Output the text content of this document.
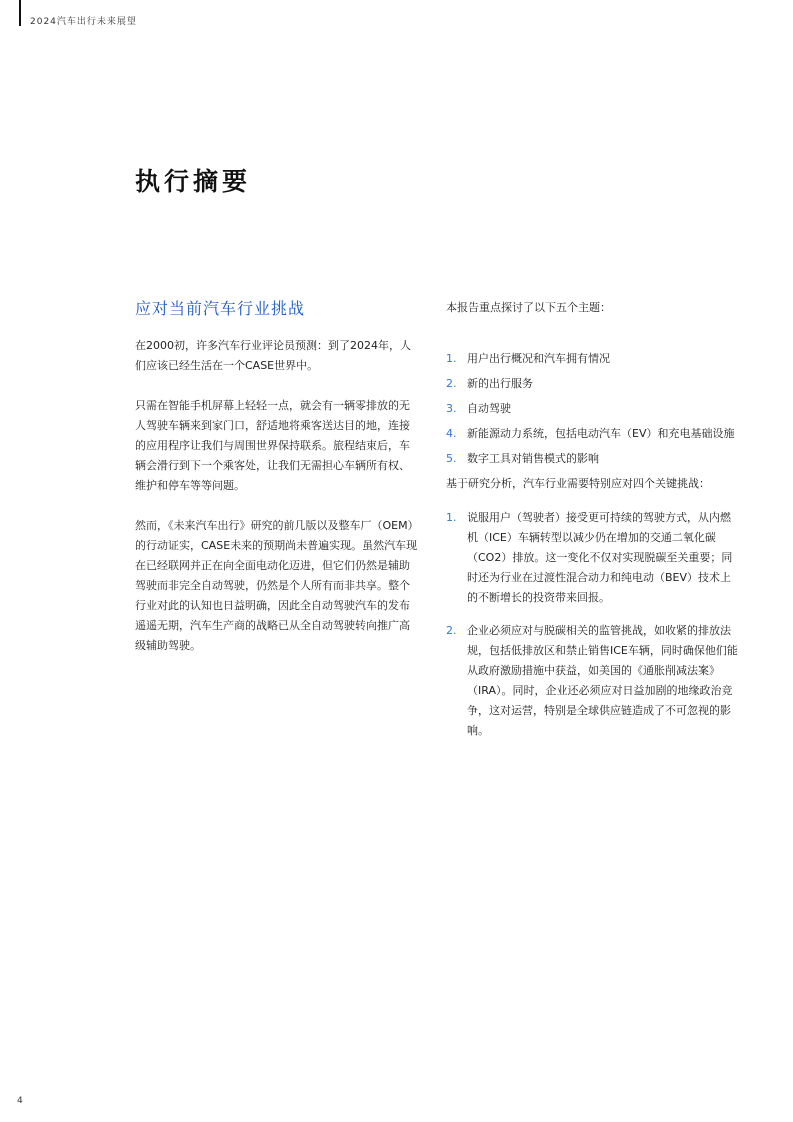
2024汽车出行未来展望
执行摘要
应对当前汽车行业挑战

在2000初，许多汽车行业评论员预测：到了2024年，人们应该已经生活在一个CASE世界中。

只需在智能手机屏幕上轻轻一点，就会有一辆零排放的无人驾驶车辆来到家门口，舒适地将乘客送达目的地，连接的应用程序让我们与周围世界保持联系。旅程结束后，车辆会滑行到下一个乘客处，让我们无需担心车辆所有权、维护和停车等等问题。

然而，《未来汽车出行》研究的前几版以及整车厂（OEM）的行动证实，CASE未来的预期尚未普遍实现。虽然汽车现在已经联网并正在向全面电动化迈进，但它们仍然是辅助驾驶而非完全自动驾驶，仍然是个人所有而非共享。整个行业对此的认知也日益明确，因此全自动驾驶汽车的发布遥遥无期，汽车生产商的战略已从全自动驾驶转向推广高级辅助驾驶。

本报告重点探讨了以下五个主题：

1. 用户出行概况和汽车拥有情况
2. 新的出行服务
3. 自动驾驶
4. 新能源动力系统，包括电动汽车（EV）和充电基础设施
5. 数字工具对销售模式的影响

基于研究分析，汽车行业需要特别应对四个关键挑战：

1. 说服用户（驾驶者）接受更可持续的驾驶方式，从内燃机（ICE）车辆转型以减少仍在增加的交通二氧化碳（CO2）排放。这一变化不仅对实现脱碳至关重要；同时还为行业在过渡性混合动力和纯电动（BEV）技术上的不断增长的投资带来回报。
2. 企业必须应对与脱碳相关的监管挑战，如收紧的排放法规，包括低排放区和禁止销售ICE车辆，同时确保他们能从政府激励措施中获益，如美国的《通胀削减法案》（IRA）。同时，企业还必须应对日益加剧的地缘政治竞争，这对运营，特别是全球供应链造成了不可忽视的影响。
4
